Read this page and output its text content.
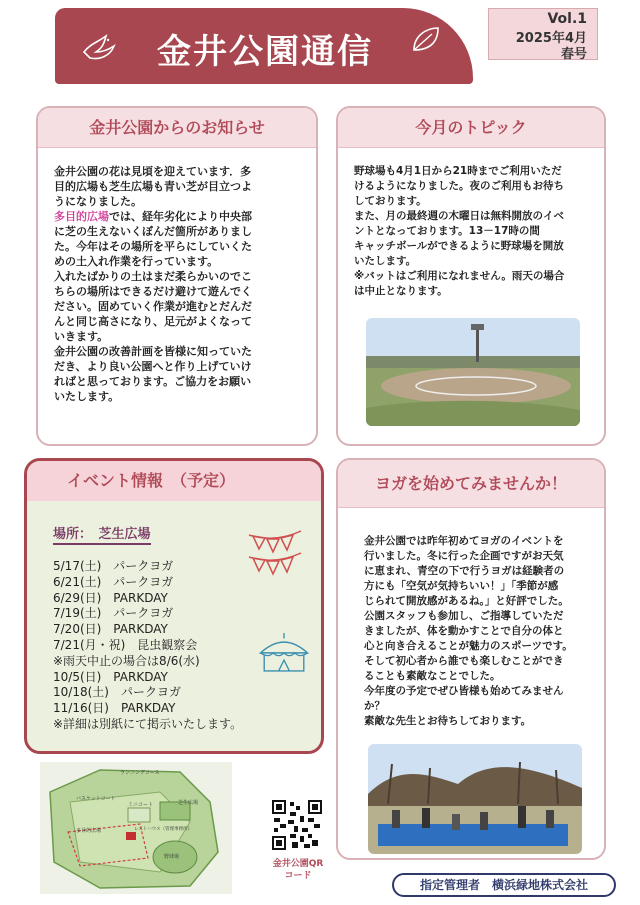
金井公園通信
Vol.1
2025年4月
春号
金井公園からのお知らせ
金井公園の花は見頃を迎えています．多
目的広場も芝生広場も青い芝が目立つよ
うになりました。
多目的広場では、経年劣化により中央部
に芝の生えないくぼんだ箇所がありまし
た。今年はその場所を平らにしていくた
めの土入れ作業を行っています。
入れたばかりの土はまだ柔らかいのでこ
ちらの場所はできるだけ避けて遊んでく
ださい。固めていく作業が進むとだんだ
んと同じ高さになり、足元がよくなって
いきます。
金井公園の改善計画を皆様に知っていた
だき、より良い公園へと作り上げていけ
ればと思っております。ご協力をお願い
いたします。
今月のトピック
野球場も4月1日から21時までご利用いただ
けるようになりました。夜のご利用もお待ち
しております。
また、月の最終週の木曜日は無料開放のイベ
ントとなっております。13－17時の間
キャッチボールができるように野球場を開放
いたします。
※バットはご利用になれません。雨天の場合
は中止となります。
イベント情報　（予定）
場所：　芝生広場
5/17(土)　パークヨガ
6/21(土)　パークヨガ
6/29(日)　PARKDAY
7/19(土)　パークヨガ
7/20(日)　PARKDAY
7/21(月・祝)　昆虫観察会
※雨天中止の場合は8/6(水)
10/5(日)　PARKDAY
10/18(土)　パークヨガ
11/16(日)　PARKDAY
※詳細は別紙にて掲示いたします。
ヨガを始めてみませんか！
金井公園では昨年初めてヨガのイベントを
行いました。冬に行った企画ですがお天気
に恵まれ、青空の下で行うヨガは経験者の
方にも「空気が気持ちいい！」「季節が感
じられて開放感があるね。」と好評でした。
公園スタッフも参加し、ご指導していただ
きましたが、体を動かすことで自分の体と
心と向き合えることが魅力のスポーツです。
そして初心者から誰でも楽しむことができ
ることも素敵なことでした。
今年度の予定でぜひ皆様も始めてみません
か？
素敵な先生とお待ちしております。
ランニングコース
バスケットコート
ミニコート	芝生広場
多目的広場	レストハウス（管理事務所）
野球場
金井公園QR
コード
指定管理者　横浜緑地株式会社
